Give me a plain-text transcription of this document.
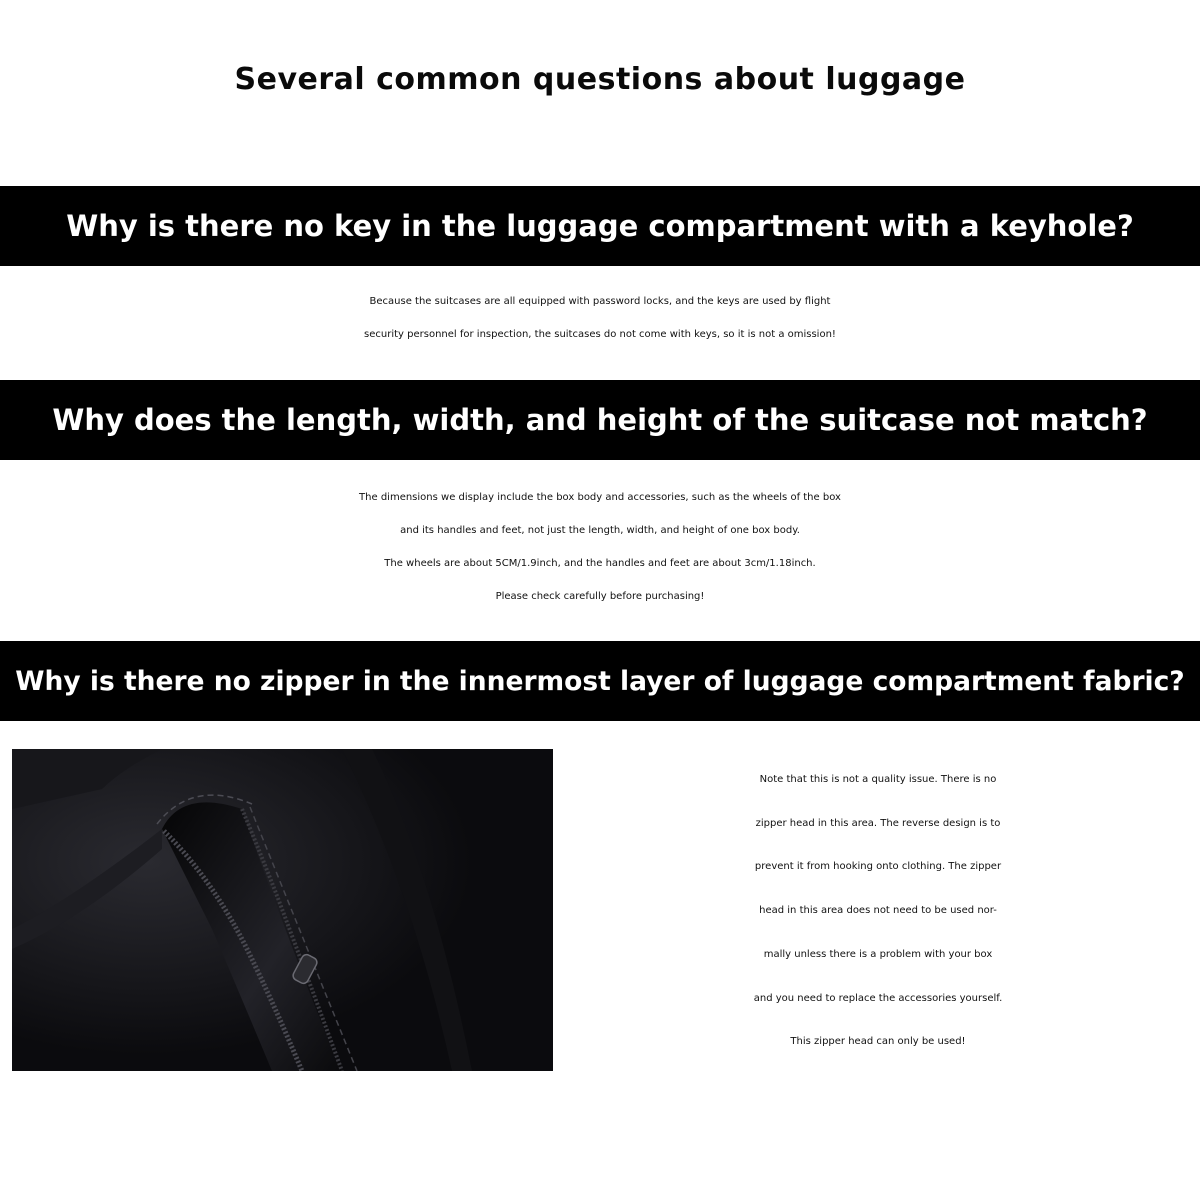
Several common questions about luggage
Why is there no key in the luggage compartment with a keyhole?

Because the suitcases are all equipped with password locks, and the keys are used by flight
security personnel for inspection, the suitcases do not come with keys, so it is not a omission!

Why does the length, width, and height of the suitcase not match?

The dimensions we display include the box body and accessories, such as the wheels of the box
and its handles and feet, not just the length, width, and height of one box body.
The wheels are about 5CM/1.9inch, and the handles and feet are about 3cm/1.18inch.
Please check carefully before purchasing!

Why is there no zipper in the innermost layer of luggage compartment fabric?

Note that this is not a quality issue. There is no
zipper head in this area. The reverse design is to
prevent it from hooking onto clothing. The zipper
head in this area does not need to be used nor-
mally unless there is a problem with your box
and you need to replace the accessories yourself.
This zipper head can only be used!
